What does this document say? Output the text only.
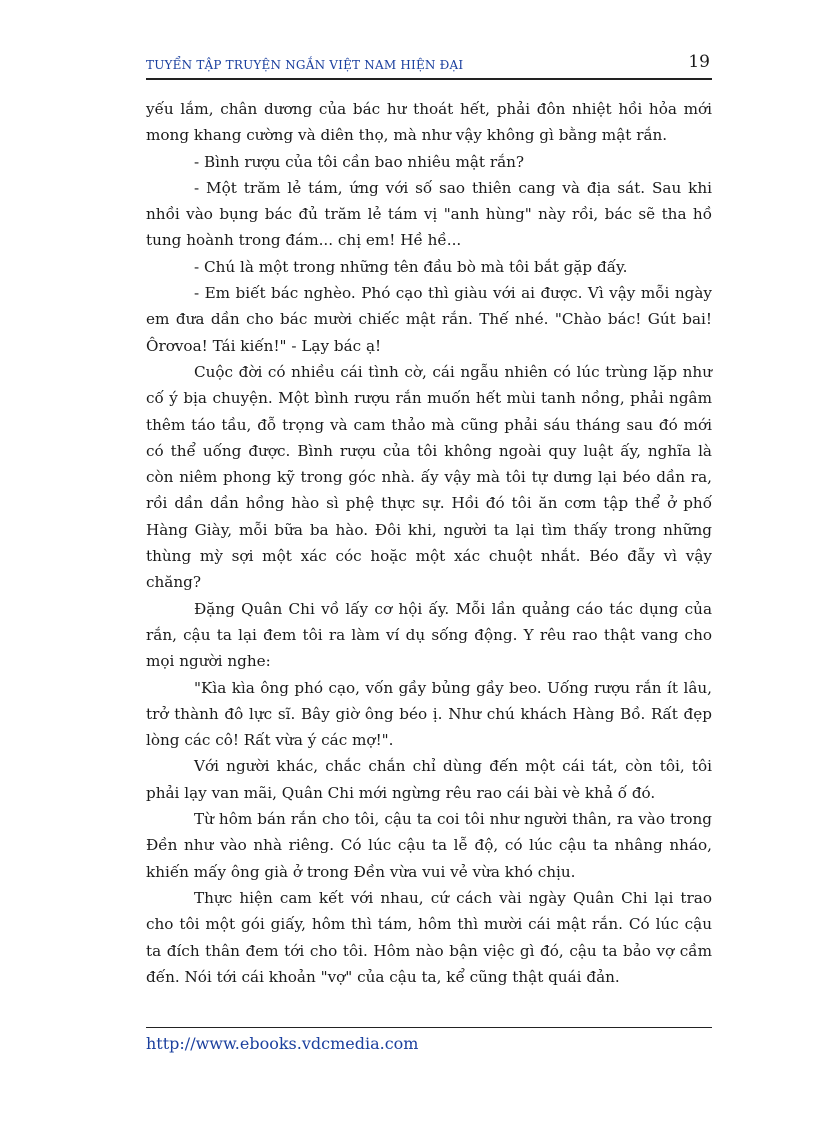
TUYỂN TẬP TRUYỆN NGẮN VIỆT NAM HIỆN ĐẠI	19

yếu lắm, chân dương của bác hư thoát hết, phải đôn nhiệt hồi hỏa mới mong khang cường và diên thọ, mà như vậy không gì bằng mật rắn.

- Bình rượu của tôi cần bao nhiêu mật rắn?

- Một trăm lẻ tám, ứng với số sao thiên cang và địa sát. Sau khi nhồi vào bụng bác đủ trăm lẻ tám vị "anh hùng" này rồi, bác sẽ tha hồ tung hoành trong đám... chị em! Hề hề...

- Chú là một trong những tên đầu bò mà tôi bắt gặp đấy.

- Em biết bác nghèo. Phó cạo thì giàu với ai được. Vì vậy mỗi ngày em đưa dần cho bác mười chiếc mật rắn. Thế nhé. "Chào bác! Gút bai! Ôrơvoa! Tái kiến!" - Lạy bác ạ!

Cuộc đời có nhiều cái tình cờ, cái ngẫu nhiên có lúc trùng lặp như cố ý bịa chuyện. Một bình rượu rắn muốn hết mùi tanh nồng, phải ngâm thêm táo tầu, đỗ trọng và cam thảo mà cũng phải sáu tháng sau đó mới có thể uống được. Bình rượu của tôi không ngoài quy luật ấy, nghĩa là còn niêm phong kỹ trong góc nhà. ấy vậy mà tôi tự dưng lại béo dần ra, rồi dần dần hồng hào sì phệ thực sự. Hồi đó tôi ăn cơm tập thể ở phố Hàng Giày, mỗi bữa ba hào. Đôi khi, người ta lại tìm thấy trong những thùng mỳ sợi một xác cóc hoặc một xác chuột nhắt. Béo đẫy vì vậy chăng?

Đặng Quân Chi vồ lấy cơ hội ấy. Mỗi lần quảng cáo tác dụng của rắn, cậu ta lại đem tôi ra làm ví dụ sống động. Y rêu rao thật vang cho mọi người nghe:

"Kìa kìa ông phó cạo, vốn gầy bủng gầy beo. Uống rượu rắn ít lâu, trở thành đô lực sĩ. Bây giờ ông béo ị. Như chú khách Hàng Bồ. Rất đẹp lòng các cô! Rất vừa ý các mợ!".

Với người khác, chắc chắn chỉ dùng đến một cái tát, còn tôi, tôi phải lạy van mãi, Quân Chi mới ngừng rêu rao cái bài vè khả ố đó.

Từ hôm bán rắn cho tôi, cậu ta coi tôi như người thân, ra vào trong Đền như vào nhà riêng. Có lúc cậu ta lễ độ, có lúc cậu ta nhâng nháo, khiến mấy ông già ở trong Đền vừa vui vẻ vừa khó chịu.

Thực hiện cam kết với nhau, cứ cách vài ngày Quân Chi lại trao cho tôi một gói giấy, hôm thì tám, hôm thì mười cái mật rắn. Có lúc cậu ta đích thân đem tới cho tôi. Hôm nào bận việc gì đó, cậu ta bảo vợ cầm đến. Nói tới cái khoản "vợ" của cậu ta, kể cũng thật quái đản.

http://www.ebooks.vdcmedia.com
